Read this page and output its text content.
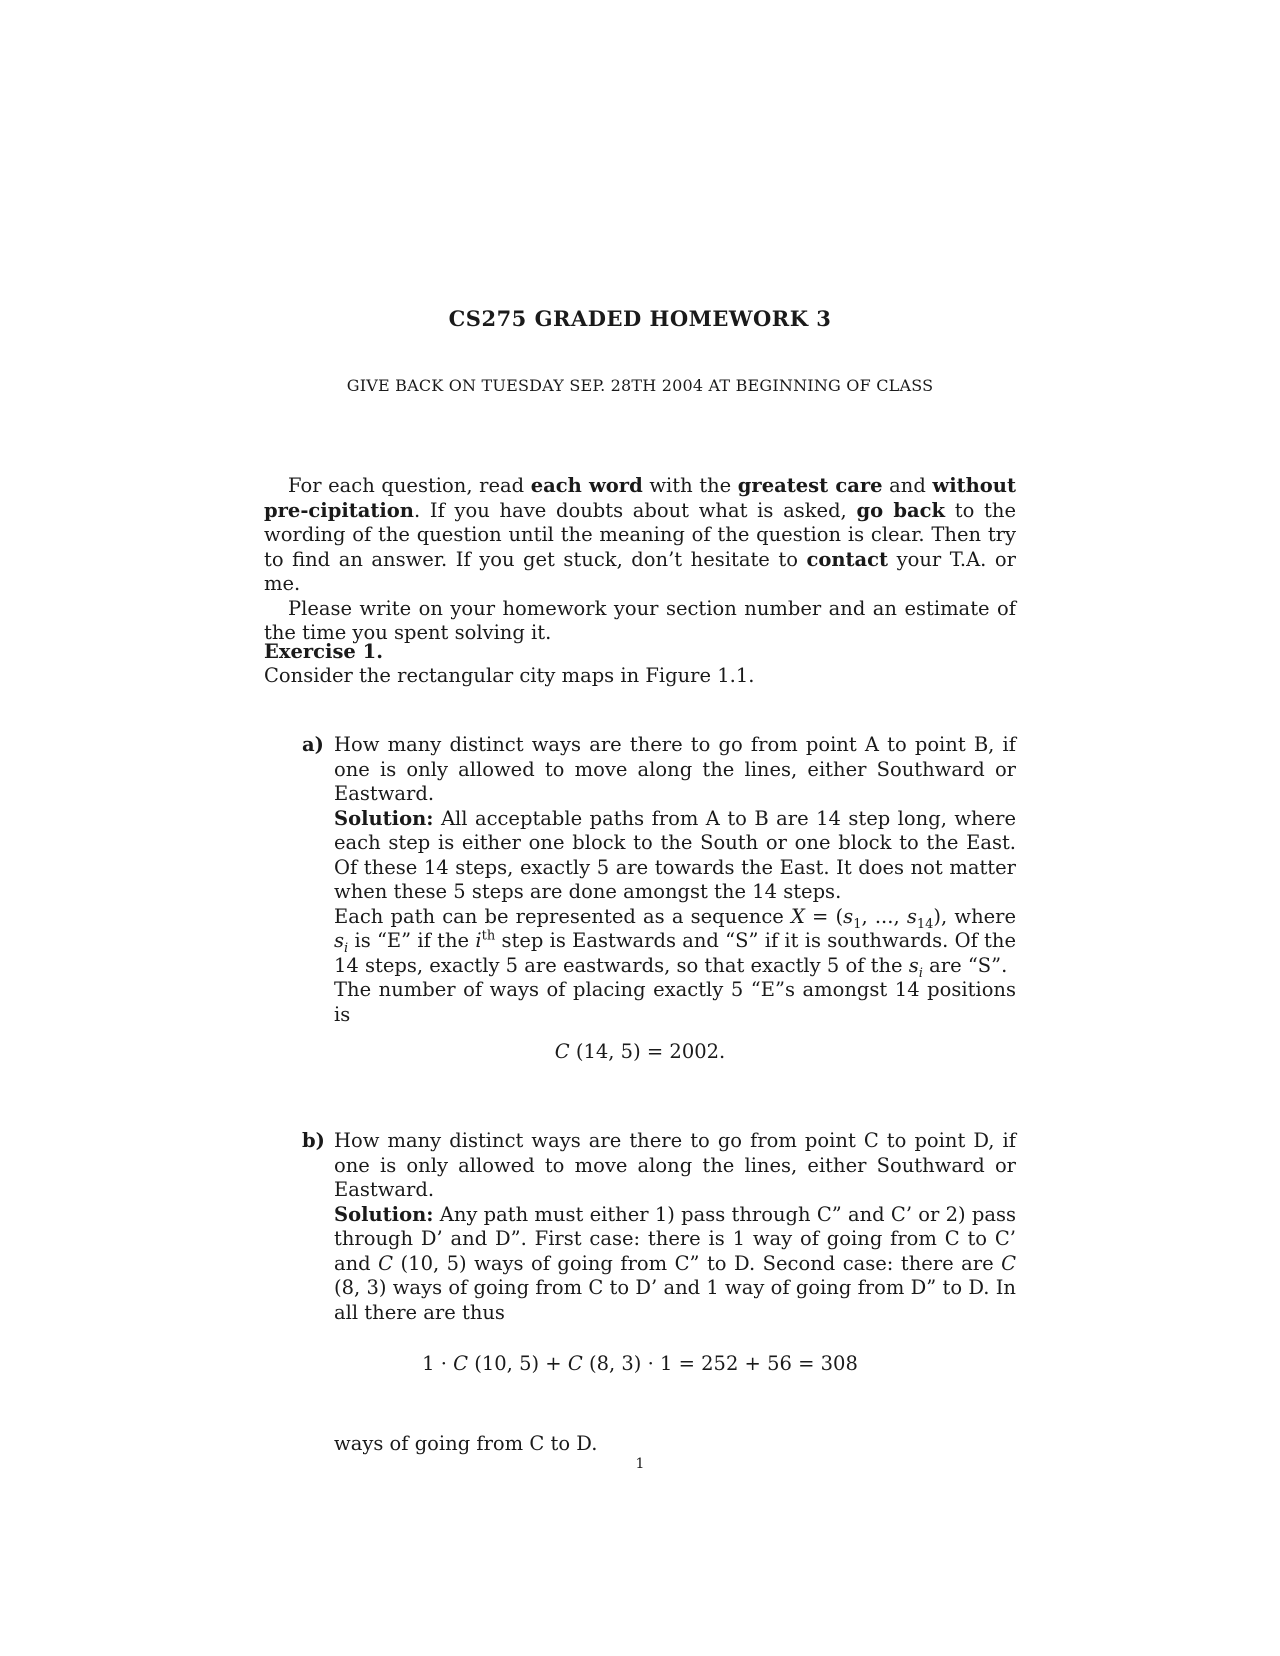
CS275 GRADED HOMEWORK 3
GIVE BACK ON TUESDAY SEP. 28TH 2004 AT BEGINNING OF CLASS

For each question, read each word with the greatest care and without pre-cipitation. If you have doubts about what is asked, go back to the wording of the question until the meaning of the question is clear. Then try to find an answer. If you get stuck, don’t hesitate to contact your T.A. or me.

Please write on your homework your section number and an estimate of the time you spent solving it.

Exercise 1.
Consider the rectangular city maps in Figure 1.1.
a) How many distinct ways are there to go from point A to point B, if one is only allowed to move along the lines, either Southward or Eastward.

Solution: All acceptable paths from A to B are 14 step long, where each step is either one block to the South or one block to the East. Of these 14 steps, exactly 5 are towards the East. It does not matter when these 5 steps are done amongst the 14 steps.

Each path can be represented as a sequence $X = (s_1$, ..., $s_{14}$), where $s_i$ is “E” if the $i^{th}$ step is Eastwards and “S” if it is southwards. Of the 14 steps, exactly 5 are eastwards, so that exactly 5 of the $s_i$ are “S”.

The number of ways of placing exactly 5 “E”s amongst 14 positions is

C (14, 5) = 2002.
b) How many distinct ways are there to go from point C to point D, if one is only allowed to move along the lines, either Southward or Eastward.

Solution: Any path must either 1) pass through C” and C’ or 2) pass through D’ and D”. First case: there is 1 way of going from C to C’ and C (10, 5) ways of going from C” to D. Second case: there are C (8, 3) ways of going from C to D’ and 1 way of going from D” to D. In all there are thus

1 · C (10, 5) + C (8, 3) · 1 = 252 + 56 = 308
ways of going from C to D.
1
